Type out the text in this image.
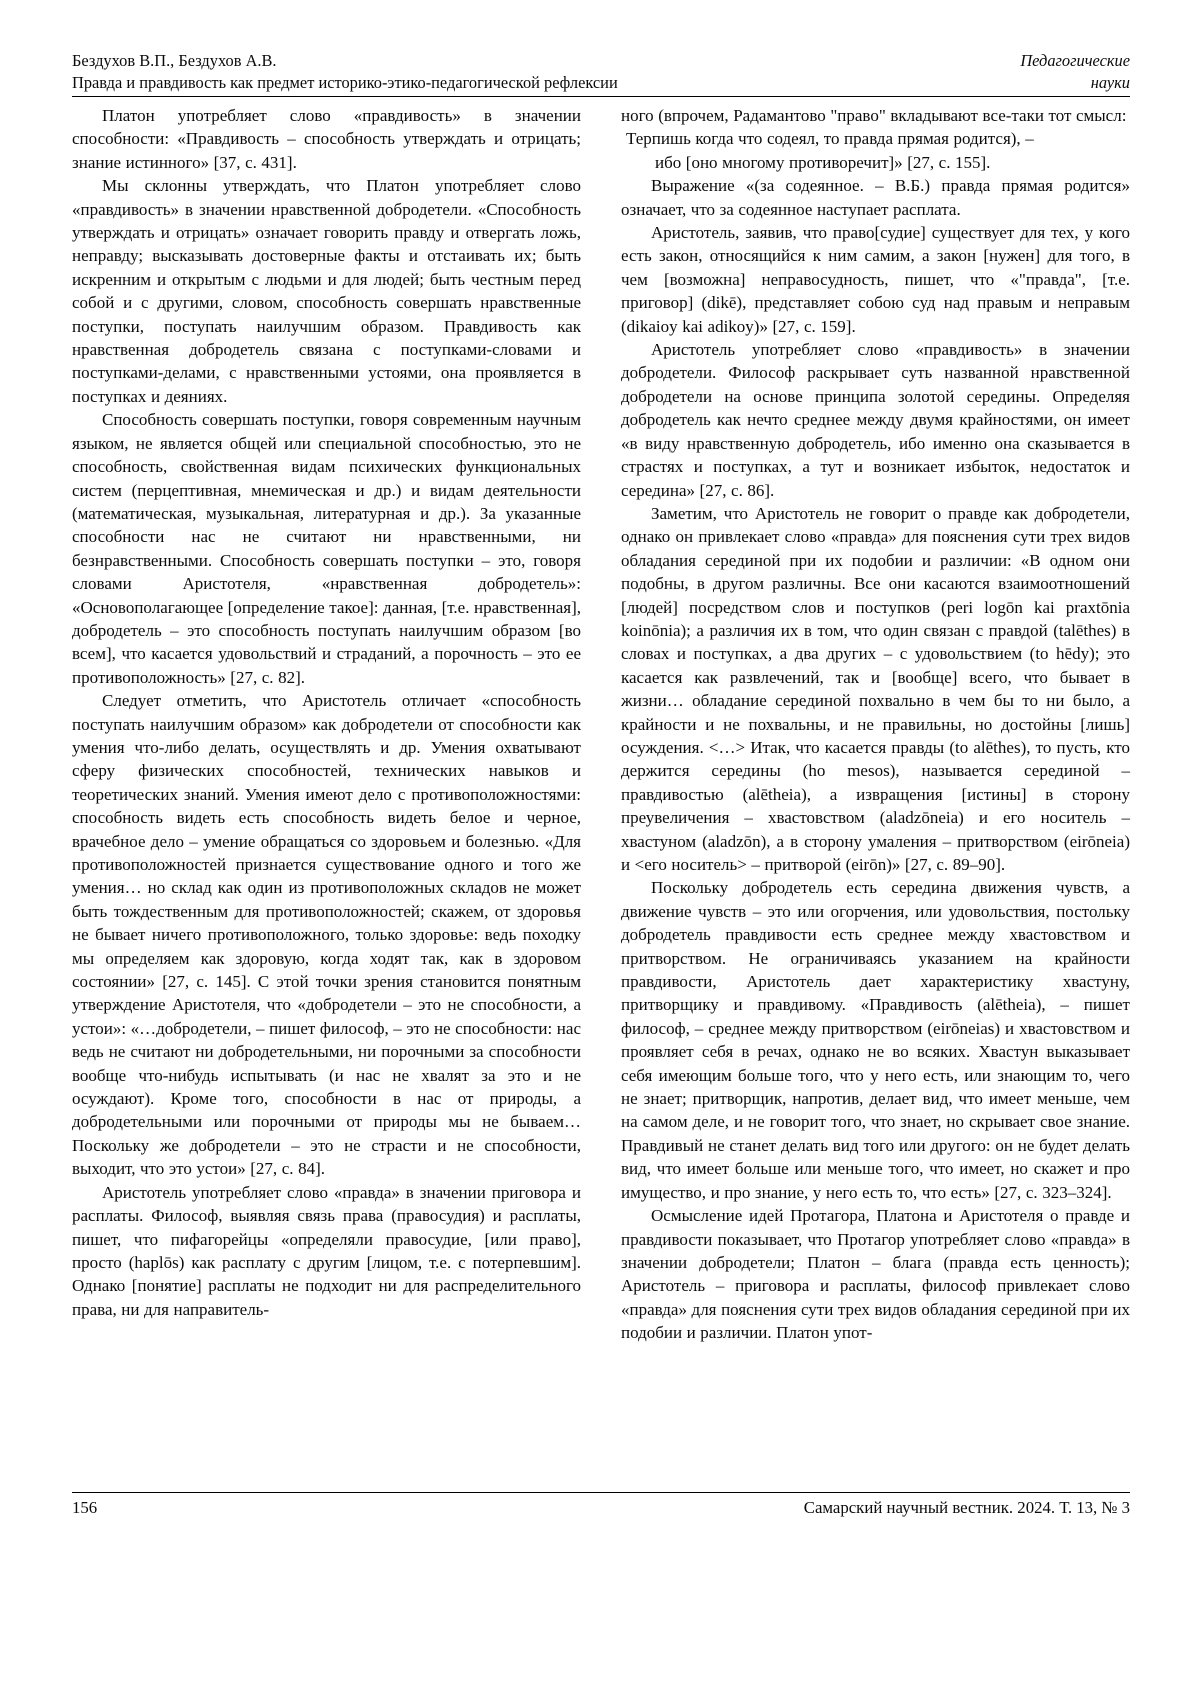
Бездухов В.П., Бездухов А.В.	Педагогические
Правда и правдивость как предмет историко-этико-педагогической рефлексии	науки

Платон употребляет слово «правдивость» в значении способности: «Правдивость – способность утверждать и отрицать; знание истинного» [37, с. 431].

Мы склонны утверждать, что Платон употребляет слово «правдивость» в значении нравственной добродетели. «Способность утверждать и отрицать» означает говорить правду и отвергать ложь, неправду; высказывать достоверные факты и отстаивать их; быть искренним и открытым с людьми и для людей; быть честным перед собой и с другими, словом, способность совершать нравственные поступки, поступать наилучшим образом. Правдивость как нравственная добродетель связана с поступками-словами и поступками-делами, с нравственными устоями, она проявляется в поступках и деяниях.

Способность совершать поступки, говоря современным научным языком, не является общей или специальной способностью, это не способность, свойственная видам психических функциональных систем (перцептивная, мнемическая и др.) и видам деятельности (математическая, музыкальная, литературная и др.). За указанные способности нас не считают ни нравственными, ни безнравственными. Способность совершать поступки – это, говоря словами Аристотеля, «нравственная добродетель»: «Основополагающее [определение такое]: данная, [т.е. нравственная], добродетель – это способность поступать наилучшим образом [во всем], что касается удовольствий и страданий, а порочность – это ее противоположность» [27, с. 82].

Следует отметить, что Аристотель отличает «способность поступать наилучшим образом» как добродетели от способности как умения что-либо делать, осуществлять и др. Умения охватывают сферу физических способностей, технических навыков и теоретических знаний. Умения имеют дело с противоположностями: способность видеть есть способность видеть белое и черное, врачебное дело – умение обращаться со здоровьем и болезнью. «Для противоположностей признается существование одного и того же умения… но склад как один из противоположных складов не может быть тождественным для противоположностей; скажем, от здоровья не бывает ничего противоположного, только здоровье: ведь походку мы определяем как здоровую, когда ходят так, как в здоровом состоянии» [27, с. 145]. С этой точки зрения становится понятным утверждение Аристотеля, что «добродетели – это не способности, а устои»: «…добродетели, – пишет философ, – это не способности: нас ведь не считают ни добродетельными, ни порочными за способности вообще что-нибудь испытывать (и нас не хвалят за это и не осуждают). Кроме того, способности в нас от природы, а добродетельными или порочными от природы мы не бываем… Поскольку же добродетели – это не страсти и не способности, выходит, что это устои» [27, с. 84].

Аристотель употребляет слово «правда» в значении приговора и расплаты. Философ, выявляя связь права (правосудия) и расплаты, пишет, что пифагорейцы «определяли правосудие, [или право], просто (haplōs) как расплату с другим [лицом, т.е. с потерпевшим]. Однако [понятие] расплаты не подходит ни для распределительного права, ни для направитель-

ного (впрочем, Радамантово "право" вкладывают все-таки тот смысл:

Терпишь когда что содеял, то правда прямая родится), –

ибо [оно многому противоречит]» [27, с. 155].

Выражение «(за содеянное. – В.Б.) правда прямая родится» означает, что за содеянное наступает расплата.

Аристотель, заявив, что право[судие] существует для тех, у кого есть закон, относящийся к ним самим, а закон [нужен] для того, в чем [возможна] неправосудность, пишет, что «"правда", [т.е. приговор] (dikē), представляет собою суд над правым и неправым (dikaioy kai adikoy)» [27, с. 159].

Аристотель употребляет слово «правдивость» в значении добродетели. Философ раскрывает суть названной нравственной добродетели на основе принципа золотой середины. Определяя добродетель как нечто среднее между двумя крайностями, он имеет «в виду нравственную добродетель, ибо именно она сказывается в страстях и поступках, а тут и возникает избыток, недостаток и середина» [27, с. 86].

Заметим, что Аристотель не говорит о правде как добродетели, однако он привлекает слово «правда» для пояснения сути трех видов обладания серединой при их подобии и различии: «В одном они подобны, в другом различны. Все они касаются взаимоотношений [людей] посредством слов и поступков (peri logōn kai praxtōnia koinōnia); а различия их в том, что один связан с правдой (talēthes) в словах и поступках, а два других – с удовольствием (to hēdy); это касается как развлечений, так и [вообще] всего, что бывает в жизни… обладание серединой похвально в чем бы то ни было, а крайности и не похвальны, и не правильны, но достойны [лишь] осуждения. <…> Итак, что касается правды (to alēthes), то пусть, кто держится середины (ho mesos), называется серединой – правдивостью (alētheia), а извращения [истины] в сторону преувеличения – хвастовством (aladzōneia) и его носитель – хвастуном (aladzōn), а в сторону умаления – притворством (eirōneia) и <его носитель> – притворой (eirōn)» [27, с. 89–90].

Поскольку добродетель есть середина движения чувств, а движение чувств – это или огорчения, или удовольствия, постольку добродетель правдивости есть среднее между хвастовством и притворством. Не ограничиваясь указанием на крайности правдивости, Аристотель дает характеристику хвастуну, притворщику и правдивому. «Правдивость (alētheia), – пишет философ, – среднее между притворством (eirōneias) и хвастовством и проявляет себя в речах, однако не во всяких. Хвастун выказывает себя имеющим больше того, что у него есть, или знающим то, чего не знает; притворщик, напротив, делает вид, что имеет меньше, чем на самом деле, и не говорит того, что знает, но скрывает свое знание. Правдивый не станет делать вид того или другого: он не будет делать вид, что имеет больше или меньше того, что имеет, но скажет и про имущество, и про знание, у него есть то, что есть» [27, с. 323–324].

Осмысление идей Протагора, Платона и Аристотеля о правде и правдивости показывает, что Протагор употребляет слово «правда» в значении добродетели; Платон – блага (правда есть ценность); Аристотель – приговора и расплаты, философ привлекает слово «правда» для пояснения сути трех видов обладания серединой при их подобии и различии. Платон упот-

156	Самарский научный вестник. 2024. Т. 13, № 3
